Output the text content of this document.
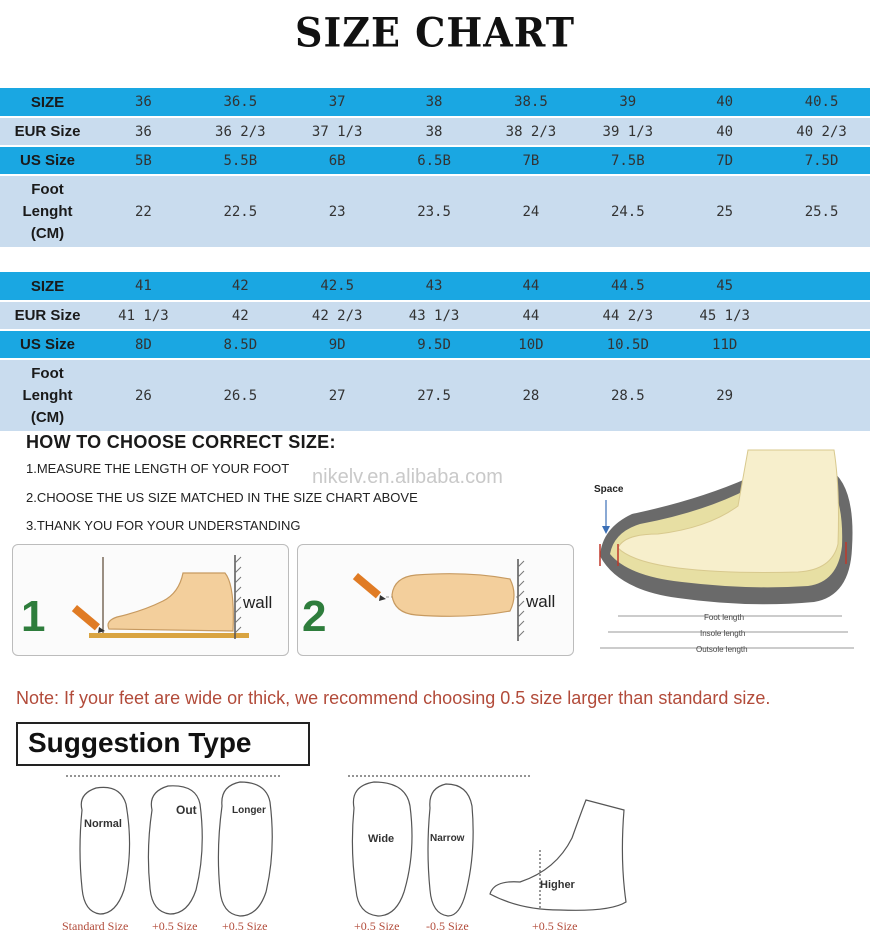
SIZE CHART
SIZE	36	36.5	37	38	38.5	39	40	40.5
EUR Size	36	36 2/3	37 1/3	38	38 2/3	39 1/3	40	40 2/3
US Size	5B	5.5B	6B	6.5B	7B	7.5B	7D	7.5D

Foot
Lenght
(CM)	22	22.5	23	23.5	24	24.5	25	25.5
SIZE	41	42	42.5	43	44	44.5	45	
EUR Size	41 1/3	42	42 2/3	43 1/3	44	44 2/3	45 1/3	
US Size	8D	8.5D	9D	9.5D	10D	10.5D	11D	

Foot
Lenght
(CM)	26	26.5	27	27.5	28	28.5	29	
HOW TO CHOOSE CORRECT SIZE:
1.MEASURE THE LENGTH OF YOUR FOOT
2.CHOOSE THE US SIZE MATCHED IN THE SIZE CHART ABOVE
3.THANK YOU FOR YOUR UNDERSTANDING
nikelv.en.alibaba.com
1	wall 2	wall
Space
Foot length
Insole length
Outsole length
Note: If your feet are wide or thick, we recommend choosing 0.5 size larger than standard size.
Suggestion Type
Normal
Out	Longer
Wide	Narrow
Higher
Standard Size +0.5 Size +0.5 Size	+0.5 Size -0.5 Size	+0.5 Size
